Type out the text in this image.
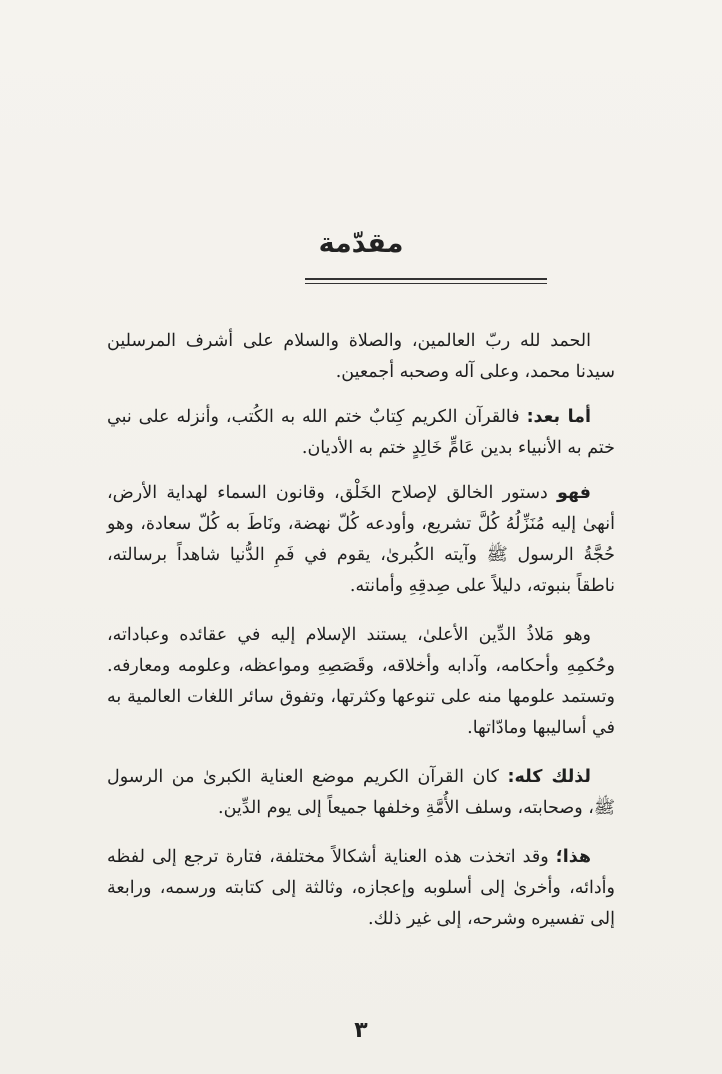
مقدّمة

الحمد لله ربّ العالمين، والصلاة والسلام على أشرف المرسلين سيدنا محمد، وعلى آله وصحبه أجمعين.

أما بعد: فالقرآن الكريم كِتابٌ ختم الله به الكُتب، وأنزله على نبي ختم به الأنبياء بدين عَامٍّ خَالِدٍ ختم به الأديان.

فهو دستور الخالق لإصلاح الخَلْق، وقانون السماء لهداية الأرض، أنهىٰ إليه مُنَزِّلُهُ كُلَّ تشريع، وأودعه كُلّ نهضة، ونَاطَ به كُلّ سعادة، وهو حُجَّةُ الرسول ﷺ وآيته الكُبرىٰ، يقوم في فَمِ الدُّنيا شاهداً برسالته، ناطقاً بنبوته، دليلاً على صِدقِهِ وأمانته.

وهو مَلاذُ الدِّين الأعلىٰ، يستند الإسلام إليه في عقائده وعباداته، وحُكمِهِ وأحكامه، وآدابه وأخلاقه، وقَصَصِهِ ومواعظه، وعلومه ومعارفه. وتستمد علومها منه على تنوعها وكثرتها، وتفوق سائر اللغات العالمية به في أساليبها ومادّاتها.

لذلك كله: كان القرآن الكريم موضع العناية الكبرىٰ من الرسول ﷺ، وصحابته، وسلف الأُمَّةِ وخلفها جميعاً إلى يوم الدِّين.

هذا؛ وقد اتخذت هذه العناية أشكالاً مختلفة، فتارة ترجع إلى لفظه وأدائه، وأخرىٰ إلى أسلوبه وإعجازه، وثالثة إلى كتابته ورسمه، ورابعة إلى تفسيره وشرحه، إلى غير ذلك.

٣
